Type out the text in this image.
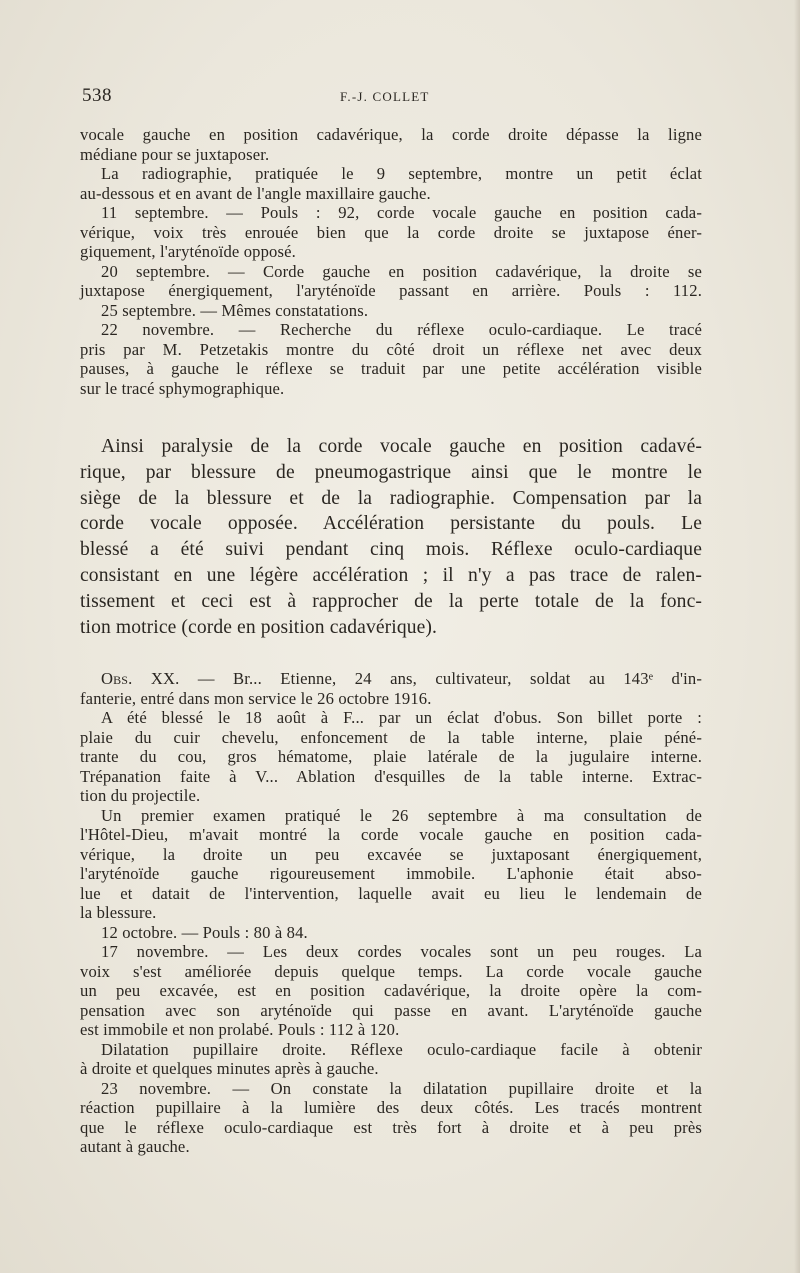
538	F.-J. COLLET
vocale gauche en position cadavérique, la corde droite dépasse la ligne
médiane pour se juxtaposer.
La radiographie, pratiquée le 9 septembre, montre un petit éclat
au-dessous et en avant de l'angle maxillaire gauche.
11 septembre. — Pouls : 92, corde vocale gauche en position cada-
vérique, voix très enrouée bien que la corde droite se juxtapose éner-
giquement, l'aryténoïde opposé.
20 septembre. — Corde gauche en position cadavérique, la droite se
juxtapose énergiquement, l'aryténoïde passant en arrière. Pouls : 112.
25 septembre. — Mêmes constatations.
22 novembre. — Recherche du réflexe oculo-cardiaque. Le tracé
pris par M. Petzetakis montre du côté droit un réflexe net avec deux
pauses, à gauche le réflexe se traduit par une petite accélération visible
sur le tracé sphymographique.
Ainsi paralysie de la corde vocale gauche en position cadavé-
rique, par blessure de pneumogastrique ainsi que le montre le
siège de la blessure et de la radiographie. Compensation par la
corde vocale opposée. Accélération persistante du pouls. Le
blessé a été suivi pendant cinq mois. Réflexe oculo-cardiaque
consistant en une légère accélération ; il n'y a pas trace de ralen-
tissement et ceci est à rapprocher de la perte totale de la fonc-
tion motrice (corde en position cadavérique).
Obs. XX. — Br... Etienne, 24 ans, cultivateur, soldat au 143ᵉ d'in-
fanterie, entré dans mon service le 26 octobre 1916.
A été blessé le 18 août à F... par un éclat d'obus. Son billet porte :
plaie du cuir chevelu, enfoncement de la table interne, plaie péné-
trante du cou, gros hématome, plaie latérale de la jugulaire interne.
Trépanation faite à V... Ablation d'esquilles de la table interne. Extrac-
tion du projectile.
Un premier examen pratiqué le 26 septembre à ma consultation de
l'Hôtel-Dieu, m'avait montré la corde vocale gauche en position cada-
vérique, la droite un peu excavée se juxtaposant énergiquement,
l'aryténoïde gauche rigoureusement immobile. L'aphonie était abso-
lue et datait de l'intervention, laquelle avait eu lieu le lendemain de
la blessure.
12 octobre. — Pouls : 80 à 84.
17 novembre. — Les deux cordes vocales sont un peu rouges. La
voix s'est améliorée depuis quelque temps. La corde vocale gauche
un peu excavée, est en position cadavérique, la droite opère la com-
pensation avec son aryténoïde qui passe en avant. L'aryténoïde gauche
est immobile et non prolabé. Pouls : 112 à 120.
Dilatation pupillaire droite. Réflexe oculo-cardiaque facile à obtenir
à droite et quelques minutes après à gauche.
23 novembre. — On constate la dilatation pupillaire droite et la
réaction pupillaire à la lumière des deux côtés. Les tracés montrent
que le réflexe oculo-cardiaque est très fort à droite et à peu près
autant à gauche.
